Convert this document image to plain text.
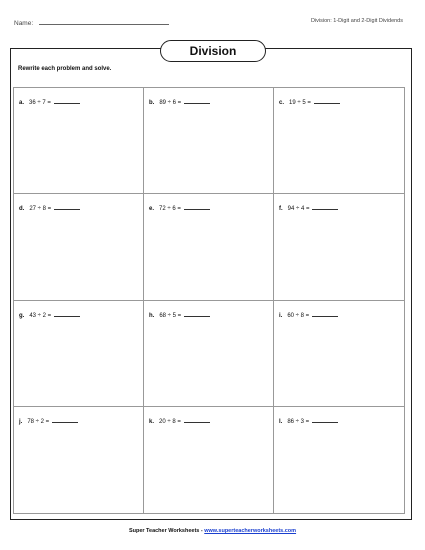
Name:	Division: 1-Digit and 2-Digit Dividends
Division
Rewrite each problem and solve.
a. 36 ÷ 7 =	b. 89 ÷ 6 =	c. 19 ÷ 5 =
d. 27 ÷ 8 =	e. 72 ÷ 6 =	f. 94 ÷ 4 =
g. 43 ÷ 2 =	h. 68 ÷ 5 =	i. 60 ÷ 8 =
j. 78 ÷ 2 =	k. 20 ÷ 8 =	l. 86 ÷ 3 =
Super Teacher Worksheets - www.superteacherworksheets.com
